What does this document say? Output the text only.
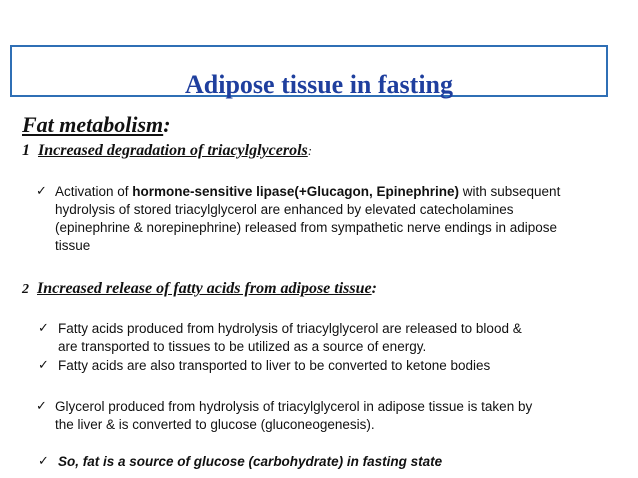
Adipose tissue in fasting
Fat metabolism:
1 Increased degradation of triacylglycerols:
✓ Activation of hormone-sensitive lipase(+Glucagon, Epinephrine) with subsequent
hydrolysis of stored triacylglycerol are enhanced by elevated catecholamines
(epinephrine & norepinephrine) released from sympathetic nerve endings in adipose
tissue
2 Increased release of fatty acids from adipose tissue:
✓ Fatty acids produced from hydrolysis of triacylglycerol are released to blood &
are transported to tissues to be utilized as a source of energy.
✓ Fatty acids are also transported to liver to be converted to ketone bodies
✓ Glycerol produced from hydrolysis of triacylglycerol in adipose tissue is taken by
the liver & is converted to glucose (gluconeogenesis).
✓ So, fat is a source of glucose (carbohydrate) in fasting state
